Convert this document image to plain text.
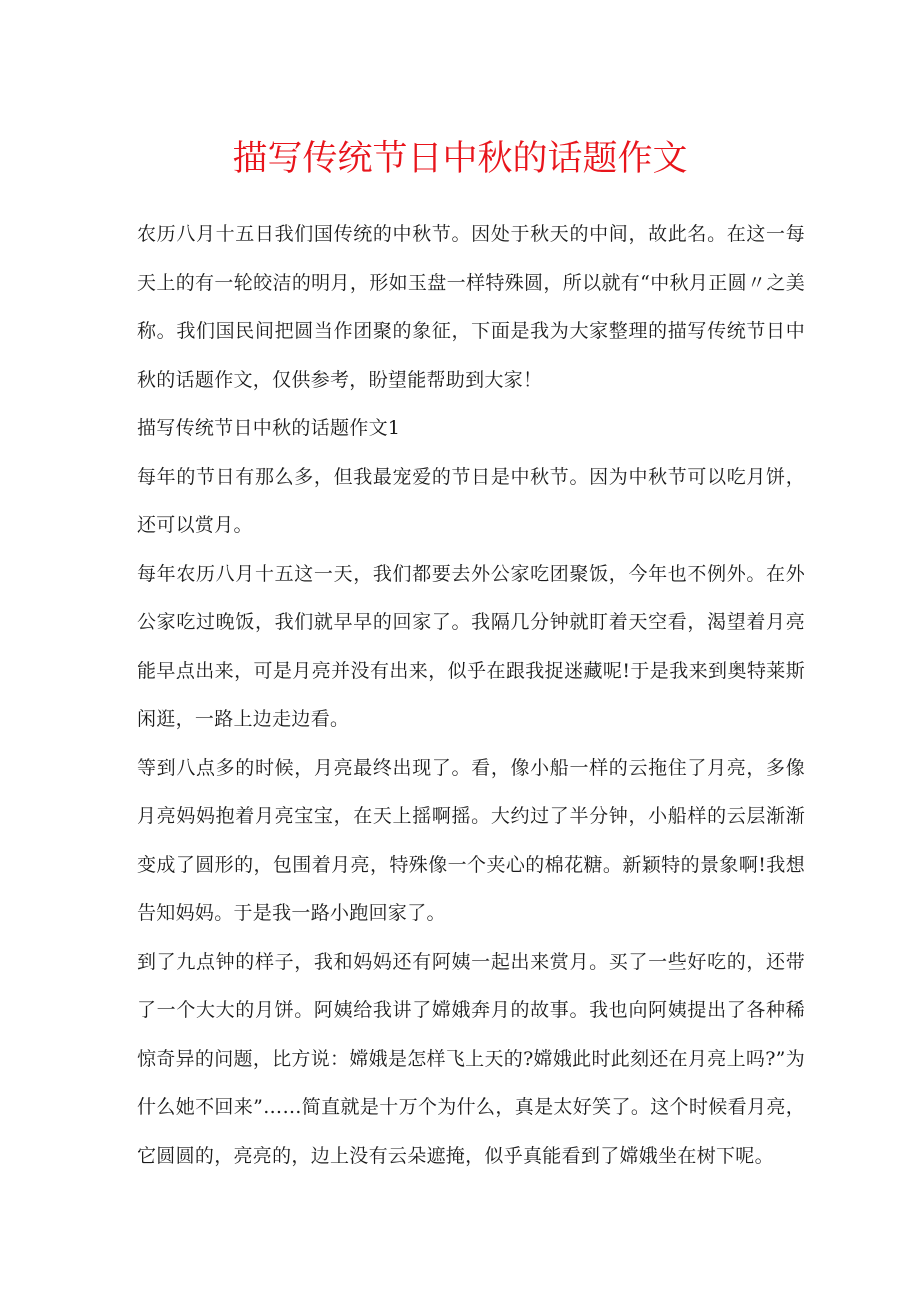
描写传统节日中秋的话题作文

农历八月十五日我们国传统的中秋节。因处于秋天的中间，故此名。在这一每天上的有一轮皎洁的明月，形如玉盘一样特殊圆，所以就有“中秋月正圆〃之美称。我们国民间把圆当作团聚的象征，下面是我为大家整理的描写传统节日中秋的话题作文，仅供参考，盼望能帮助到大家！

描写传统节日中秋的话题作文1

每年的节日有那么多，但我最宠爱的节日是中秋节。因为中秋节可以吃月饼，还可以赏月。

每年农历八月十五这一天，我们都要去外公家吃团聚饭，今年也不例外。在外公家吃过晚饭，我们就早早的回家了。我隔几分钟就盯着天空看，渴望着月亮能早点出来，可是月亮并没有出来，似乎在跟我捉迷藏呢!于是我来到奥特莱斯闲逛，一路上边走边看。

等到八点多的时候，月亮最终出现了。看，像小船一样的云拖住了月亮，多像月亮妈妈抱着月亮宝宝，在天上摇啊摇。大约过了半分钟，小船样的云层渐渐变成了圆形的，包围着月亮，特殊像一个夹心的棉花糖。新颖特的景象啊!我想告知妈妈。于是我一路小跑回家了。

到了九点钟的样子，我和妈妈还有阿姨一起出来赏月。买了一些好吃的，还带了一个大大的月饼。阿姨给我讲了嫦娥奔月的故事。我也向阿姨提出了各种稀惊奇异的问题，比方说：嫦娥是怎样飞上天的?嫦娥此时此刻还在月亮上吗?”为什么她不回来”……简直就是十万个为什么，真是太好笑了。这个时候看月亮，它圆圆的，亮亮的，边上没有云朵遮掩，似乎真能看到了嫦娥坐在树下呢。
